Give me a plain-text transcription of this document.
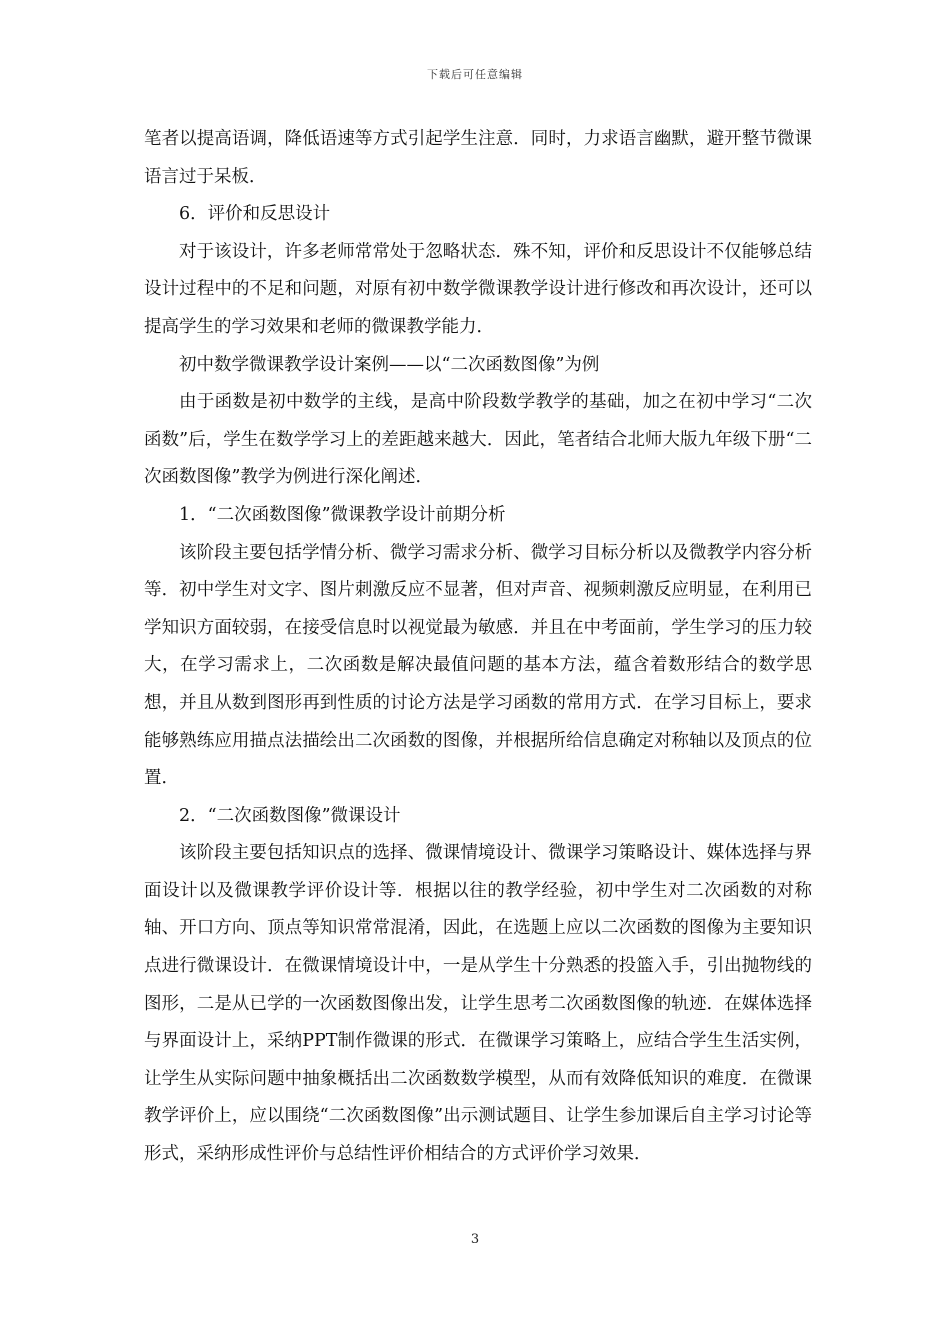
下载后可任意编辑

笔者以提高语调，降低语速等方式引起学生注意．同时，力求语言幽默，避开整节微课语言过于呆板．

6．评价和反思设计

对于该设计，许多老师常常处于忽略状态．殊不知，评价和反思设计不仅能够总结设计过程中的不足和问题，对原有初中数学微课教学设计进行修改和再次设计，还可以提高学生的学习效果和老师的微课教学能力．

初中数学微课教学设计案例——以“二次函数图像”为例

由于函数是初中数学的主线，是高中阶段数学教学的基础，加之在初中学习“二次函数”后，学生在数学学习上的差距越来越大．因此，笔者结合北师大版九年级下册“二次函数图像”教学为例进行深化阐述．

1．“二次函数图像”微课教学设计前期分析

该阶段主要包括学情分析、微学习需求分析、微学习目标分析以及微教学内容分析等．初中学生对文字、图片刺激反应不显著，但对声音、视频刺激反应明显，在利用已学知识方面较弱，在接受信息时以视觉最为敏感．并且在中考面前，学生学习的压力较大，在学习需求上，二次函数是解决最值问题的基本方法，蕴含着数形结合的数学思想，并且从数到图形再到性质的讨论方法是学习函数的常用方式．在学习目标上，要求能够熟练应用描点法描绘出二次函数的图像，并根据所给信息确定对称轴以及顶点的位置．

2．“二次函数图像”微课设计

该阶段主要包括知识点的选择、微课情境设计、微课学习策略设计、媒体选择与界面设计以及微课教学评价设计等．根据以往的教学经验，初中学生对二次函数的对称轴、开口方向、顶点等知识常常混淆，因此，在选题上应以二次函数的图像为主要知识点进行微课设计．在微课情境设计中，一是从学生十分熟悉的投篮入手，引出抛物线的图形，二是从已学的一次函数图像出发，让学生思考二次函数图像的轨迹．在媒体选择与界面设计上，采纳PPT制作微课的形式．在微课学习策略上，应结合学生生活实例，让学生从实际问题中抽象概括出二次函数数学模型，从而有效降低知识的难度．在微课教学评价上，应以围绕“二次函数图像”出示测试题目、让学生参加课后自主学习讨论等形式，采纳形成性评价与总结性评价相结合的方式评价学习效果．

3
